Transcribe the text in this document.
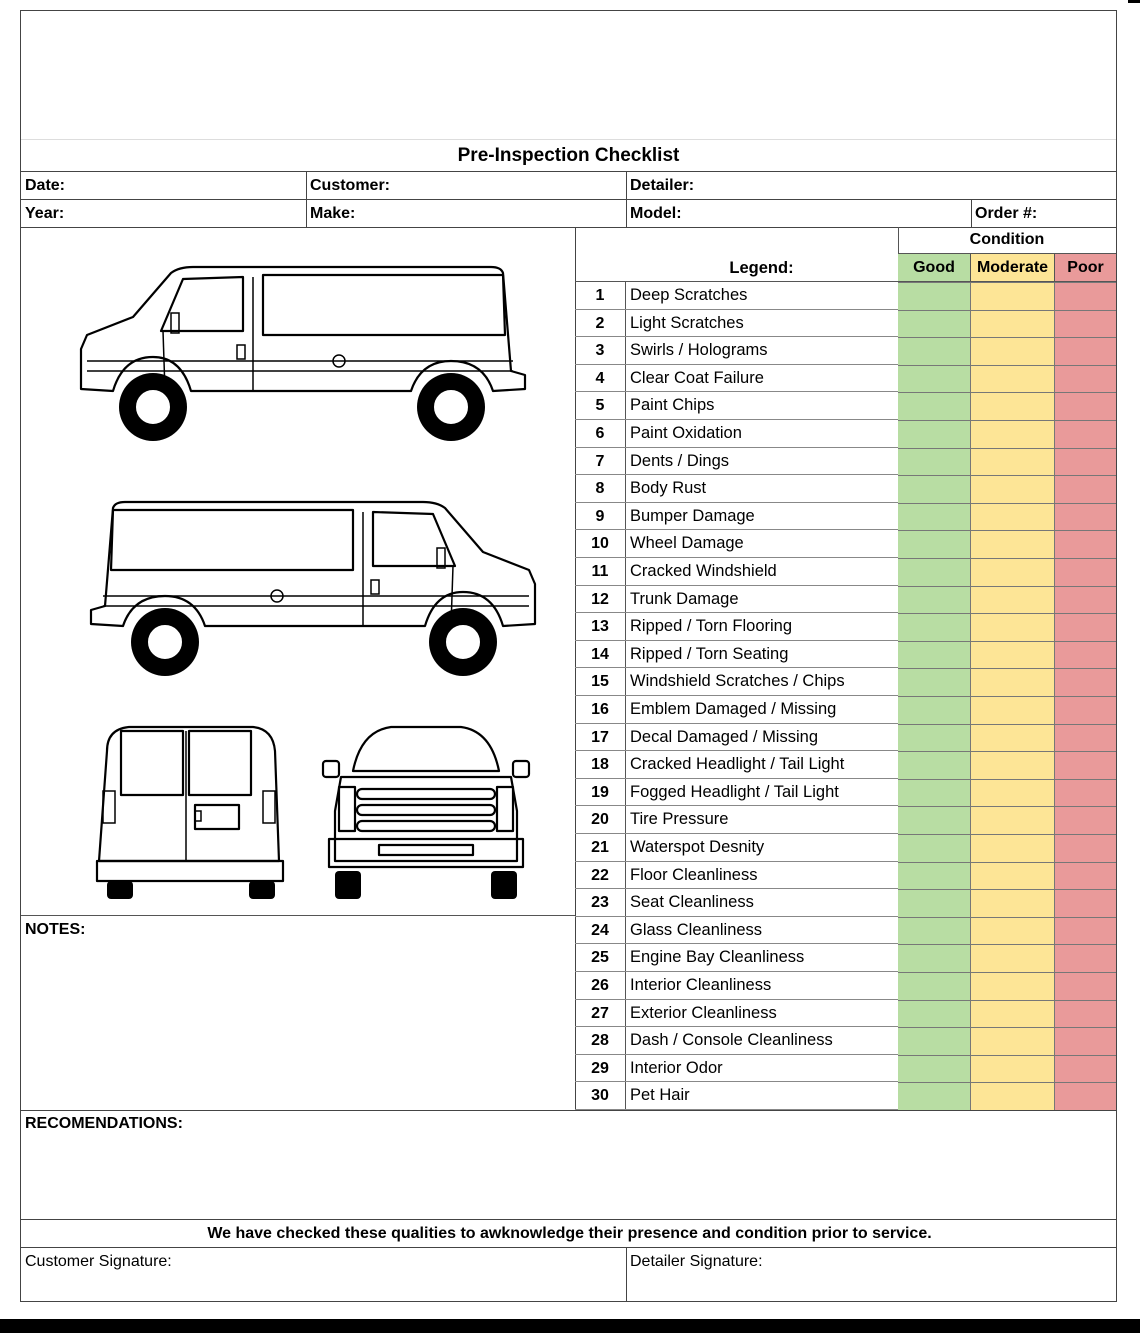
Pre-Inspection Checklist
Date:	Customer:	Detailer:
Year:	Make:	Model:	Order #:
NOTES:
Legend:
Condition
Good	Moderate	Poor
1	Deep Scratches
2	Light Scratches
3	Swirls / Holograms
4	Clear Coat Failure
5	Paint Chips
6	Paint Oxidation
7	Dents / Dings
8	Body Rust
9	Bumper Damage
10	Wheel Damage
11	Cracked Windshield
12	Trunk Damage
13	Ripped / Torn Flooring
14	Ripped / Torn Seating
15	Windshield Scratches / Chips
16	Emblem Damaged / Missing
17	Decal Damaged / Missing
18	Cracked Headlight / Tail Light
19	Fogged Headlight / Tail Light
20	Tire Pressure
21	Waterspot Desnity
22	Floor Cleanliness
23	Seat Cleanliness
24	Glass Cleanliness
25	Engine Bay Cleanliness
26	Interior Cleanliness
27	Exterior Cleanliness
28	Dash / Console Cleanliness
29	Interior Odor
30	Pet Hair
RECOMENDATIONS:
We have checked these qualities to awknowledge their presence and condition prior to service.
Customer Signature:	Detailer Signature:
